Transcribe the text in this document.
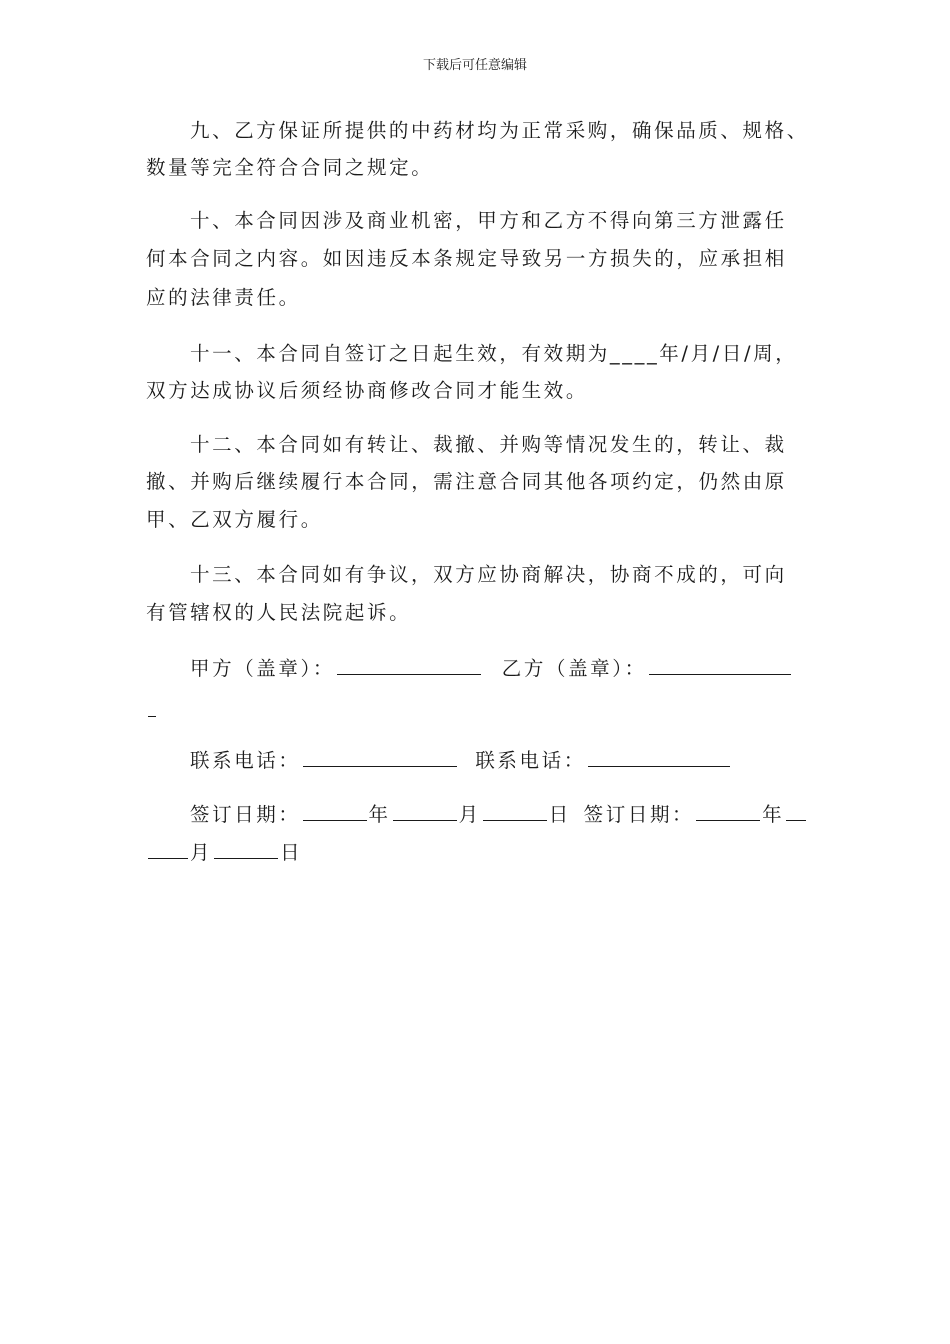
下载后可任意编辑
九、乙方保证所提供的中药材均为正常采购，确保品质、规格、
数量等完全符合合同之规定。
十、本合同因涉及商业机密，甲方和乙方不得向第三方泄露任
何本合同之内容。如因违反本条规定导致另一方损失的，应承担相
应的法律责任。
十一、本合同自签订之日起生效，有效期为____年/月/日/周，
双方达成协议后须经协商修改合同才能生效。
十二、本合同如有转让、裁撤、并购等情况发生的，转让、裁
撤、并购后继续履行本合同，需注意合同其他各项约定，仍然由原
甲、乙双方履行。
十三、本合同如有争议，双方应协商解决，协商不成的，可向
有管辖权的人民法院起诉。
甲方（盖章）：	乙方（盖章）：
联系电话：	联系电话：
签订日期：	年	月	日 签订日期：	年
月	日
